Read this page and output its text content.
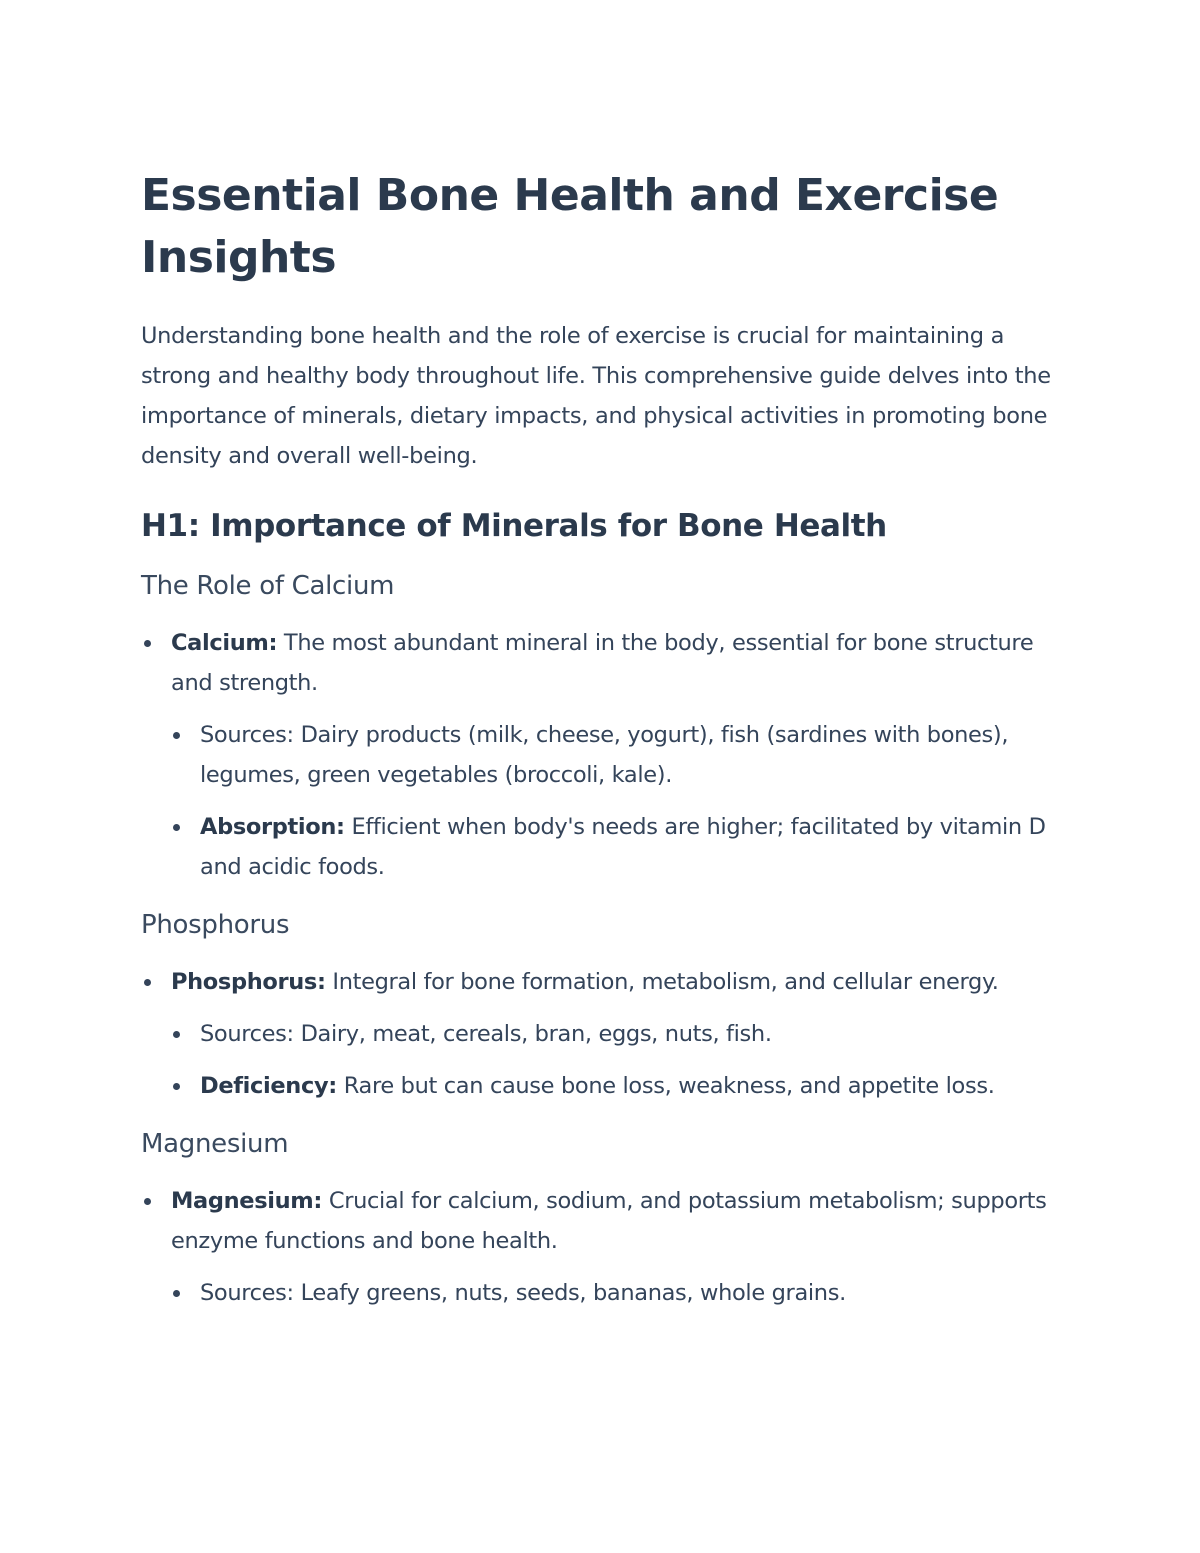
Essential Bone Health and Exercise Insights

Understanding bone health and the role of exercise is crucial for maintaining a strong and healthy body throughout life. This comprehensive guide delves into the importance of minerals, dietary impacts, and physical activities in promoting bone density and overall well-being.

H1: Importance of Minerals for Bone Health
The Role of Calcium
Calcium: The most abundant mineral in the body, essential for bone structure and strength.
Sources: Dairy products (milk, cheese, yogurt), fish (sardines with bones), legumes, green vegetables (broccoli, kale).
Absorption: Efficient when body's needs are higher; facilitated by vitamin D and acidic foods.
Phosphorus
Phosphorus: Integral for bone formation, metabolism, and cellular energy.
Sources: Dairy, meat, cereals, bran, eggs, nuts, fish.
Deficiency: Rare but can cause bone loss, weakness, and appetite loss.
Magnesium
Magnesium: Crucial for calcium, sodium, and potassium metabolism; supports enzyme functions and bone health.
Sources: Leafy greens, nuts, seeds, bananas, whole grains.
